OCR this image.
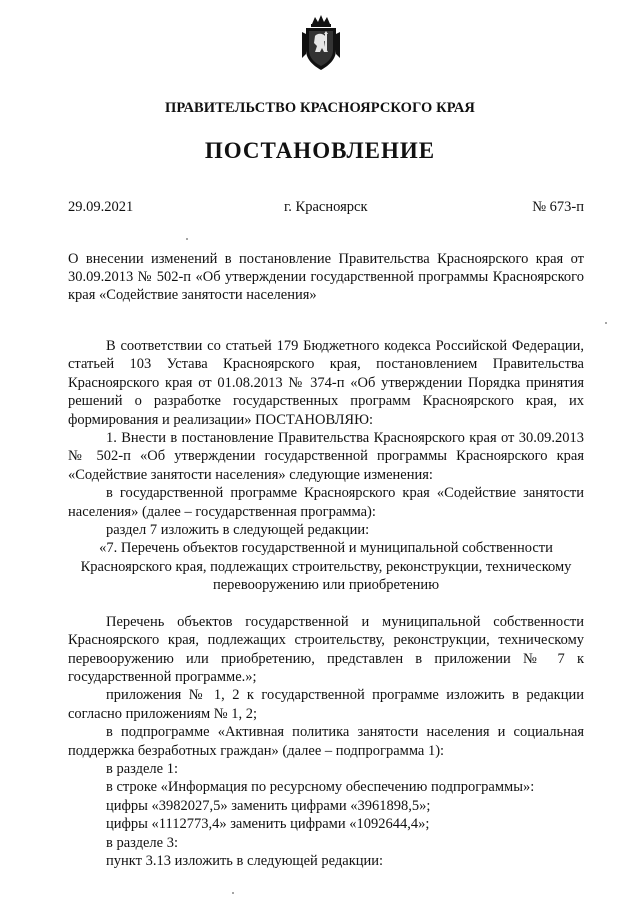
ПРАВИТЕЛЬСТВО КРАСНОЯРСКОГО КРАЯ
ПОСТАНОВЛЕНИЕ
29.09.2021	г. Красноярск	№ 673-п
О внесении изменений в постановление Правительства Красноярского края от 30.09.2013 № 502-п «Об утверждении государственной программы Красноярского края «Содействие занятости населения»

В соответствии со статьей 179 Бюджетного кодекса Российской Федерации, статьей 103 Устава Красноярского края, постановлением Правительства Красноярского края от 01.08.2013 № 374-п «Об утверждении Порядка принятия решений о разработке государственных программ Красноярского края, их формирования и реализации» ПОСТАНОВЛЯЮ:

1. Внести в постановление Правительства Красноярского края от 30.09.2013 № 502-п «Об утверждении государственной программы Красноярского края «Содействие занятости населения» следующие изменения:

в государственной программе Красноярского края «Содействие занятости населения» (далее – государственная программа):

раздел 7 изложить в следующей редакции:

«7. Перечень объектов государственной и муниципальной собственности Красноярского края, подлежащих строительству, реконструкции, техническому перевооружению или приобретению

Перечень объектов государственной и муниципальной собственности Красноярского края, подлежащих строительству, реконструкции, техническому перевооружению или приобретению, представлен в приложении № 7 к государственной программе.»;

приложения № 1, 2 к государственной программе изложить в редакции согласно приложениям № 1, 2;

в подпрограмме «Активная политика занятости населения и социальная поддержка безработных граждан» (далее – подпрограмма 1):

в разделе 1:

в строке «Информация по ресурсному обеспечению подпрограммы»:

цифры «3982027,5» заменить цифрами «3961898,5»;

цифры «1112773,4» заменить цифрами «1092644,4»;

в разделе 3:

пункт 3.13 изложить в следующей редакции:
